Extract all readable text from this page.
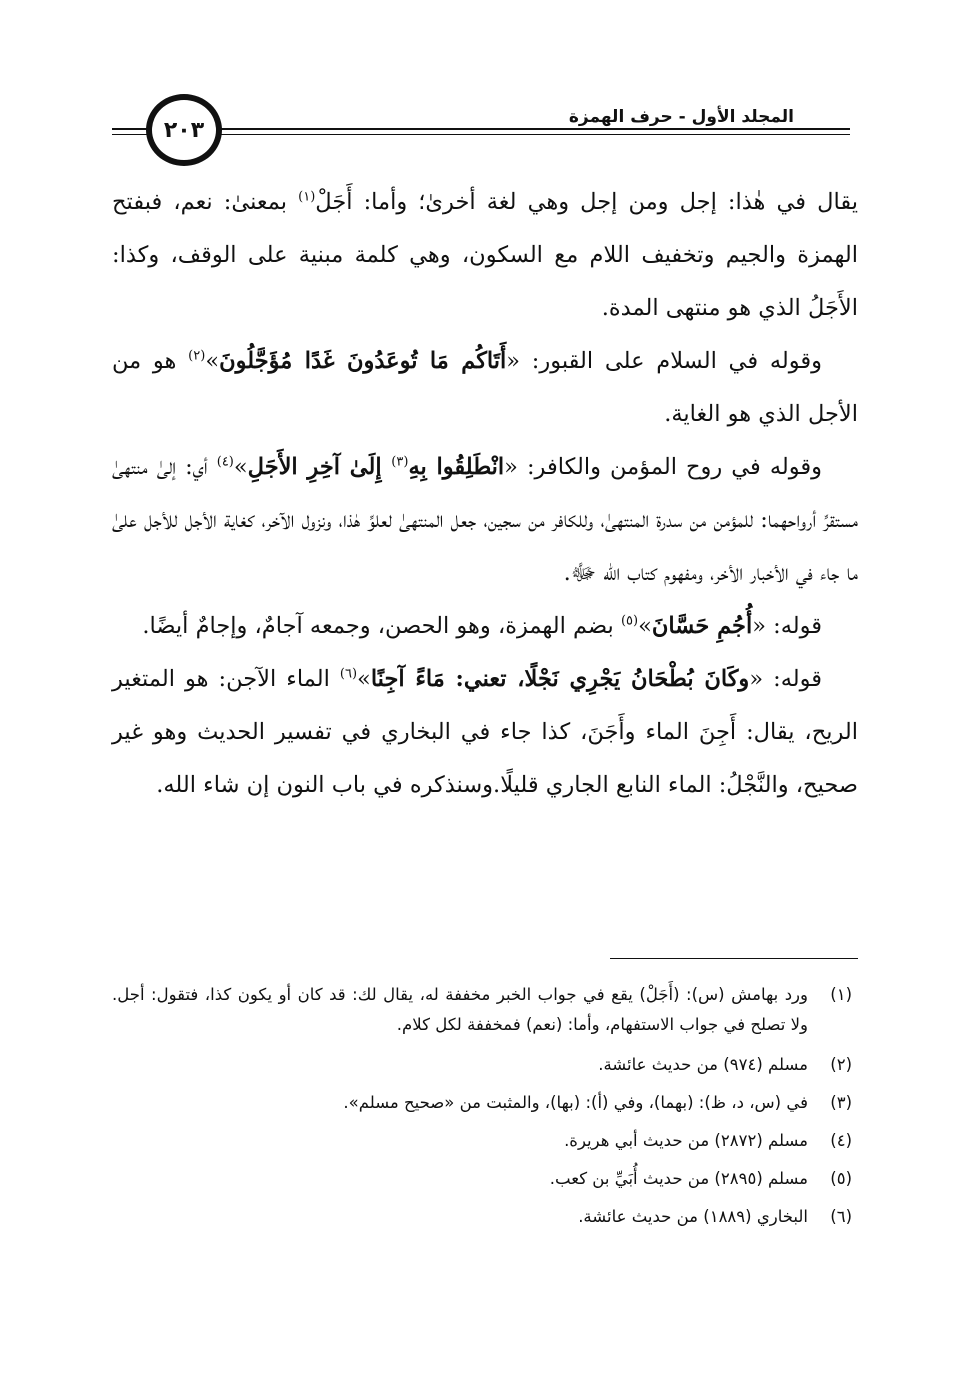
المجلد الأول - حرف الهمزة
٢٠٣

يقال في هٰذا: إجل ومن إجل وهي لغة أخرىٰ؛ وأما: أَجَلْ$^{(١)}$ بمعنىٰ: نعم، فبفتح الهمزة والجيم وتخفيف اللام مع السكون، وهي كلمة مبنية على الوقف، وكذا: الأَجَلُ الذي هو منتهى المدة.

وقوله في السلام على القبور: «أَتَاكُم مَا تُوعَدُونَ غَدًا مُؤَجَّلُونَ»$^{(٢)}$ هو من الأجل الذي هو الغاية.

وقوله في روح المؤمن والكافر: «انْطَلِقُوا بِهِ$^{(٣)}$ إِلَىٰ آخِرِ الأَجَلِ»$^{(٤)}$ أي: إلىٰ منتهىٰ مستقرِّ أرواحهما: للمؤمن من سدرة المنتهىٰ، وللكافر من سجين، جعل المنتهىٰ لعلوِّ هٰذا، ونزول الآخر، كغاية الأجل للأجل علىٰ ما جاء في الأخبار الأخر، ومفهوم كتاب الله ﷻ.

قوله: «أُجُمِ حَسَّانَ»$^{(٥)}$ بضم الهمزة، وهو الحصن، وجمعه آجامٌ، وإجامٌ أيضًا.

قوله: «وكَانَ بُطْحَانُ يَجْرِي نَجْلًا، تعني: مَاءً آجِنًا»$^{(٦)}$ الماء الآجن: هو المتغير الريح، يقال: أَجِنَ الماء وأَجَنَ، كذا جاء في البخاري في تفسير الحديث وهو غير صحيح، والنَّجْلُ: الماء النابع الجاري قليلًا.وسنذكره في باب النون إن شاء الله.

(١)
ورد بهامش (س): (أَجَلْ) يقع في جواب الخبر مخففة له، يقال لك: قد كان أو يكون كذا، فتقول: أجل. ولا تصلح في جواب الاستفهام، وأما: (نعم) فمخففة لكل كلام.
(٢)
مسلم (٩٧٤) من حديث عائشة.
(٣)
في (س، د، ظ): (بهما)، وفي (أ): (بها)، والمثبت من «صحيح مسلم».
(٤)
مسلم (٢٨٧٢) من حديث أبي هريرة.
(٥)
مسلم (٢٨٩٥) من حديث أُبَيِّ بن كعب.
(٦)
البخاري (١٨٨٩) من حديث عائشة.
